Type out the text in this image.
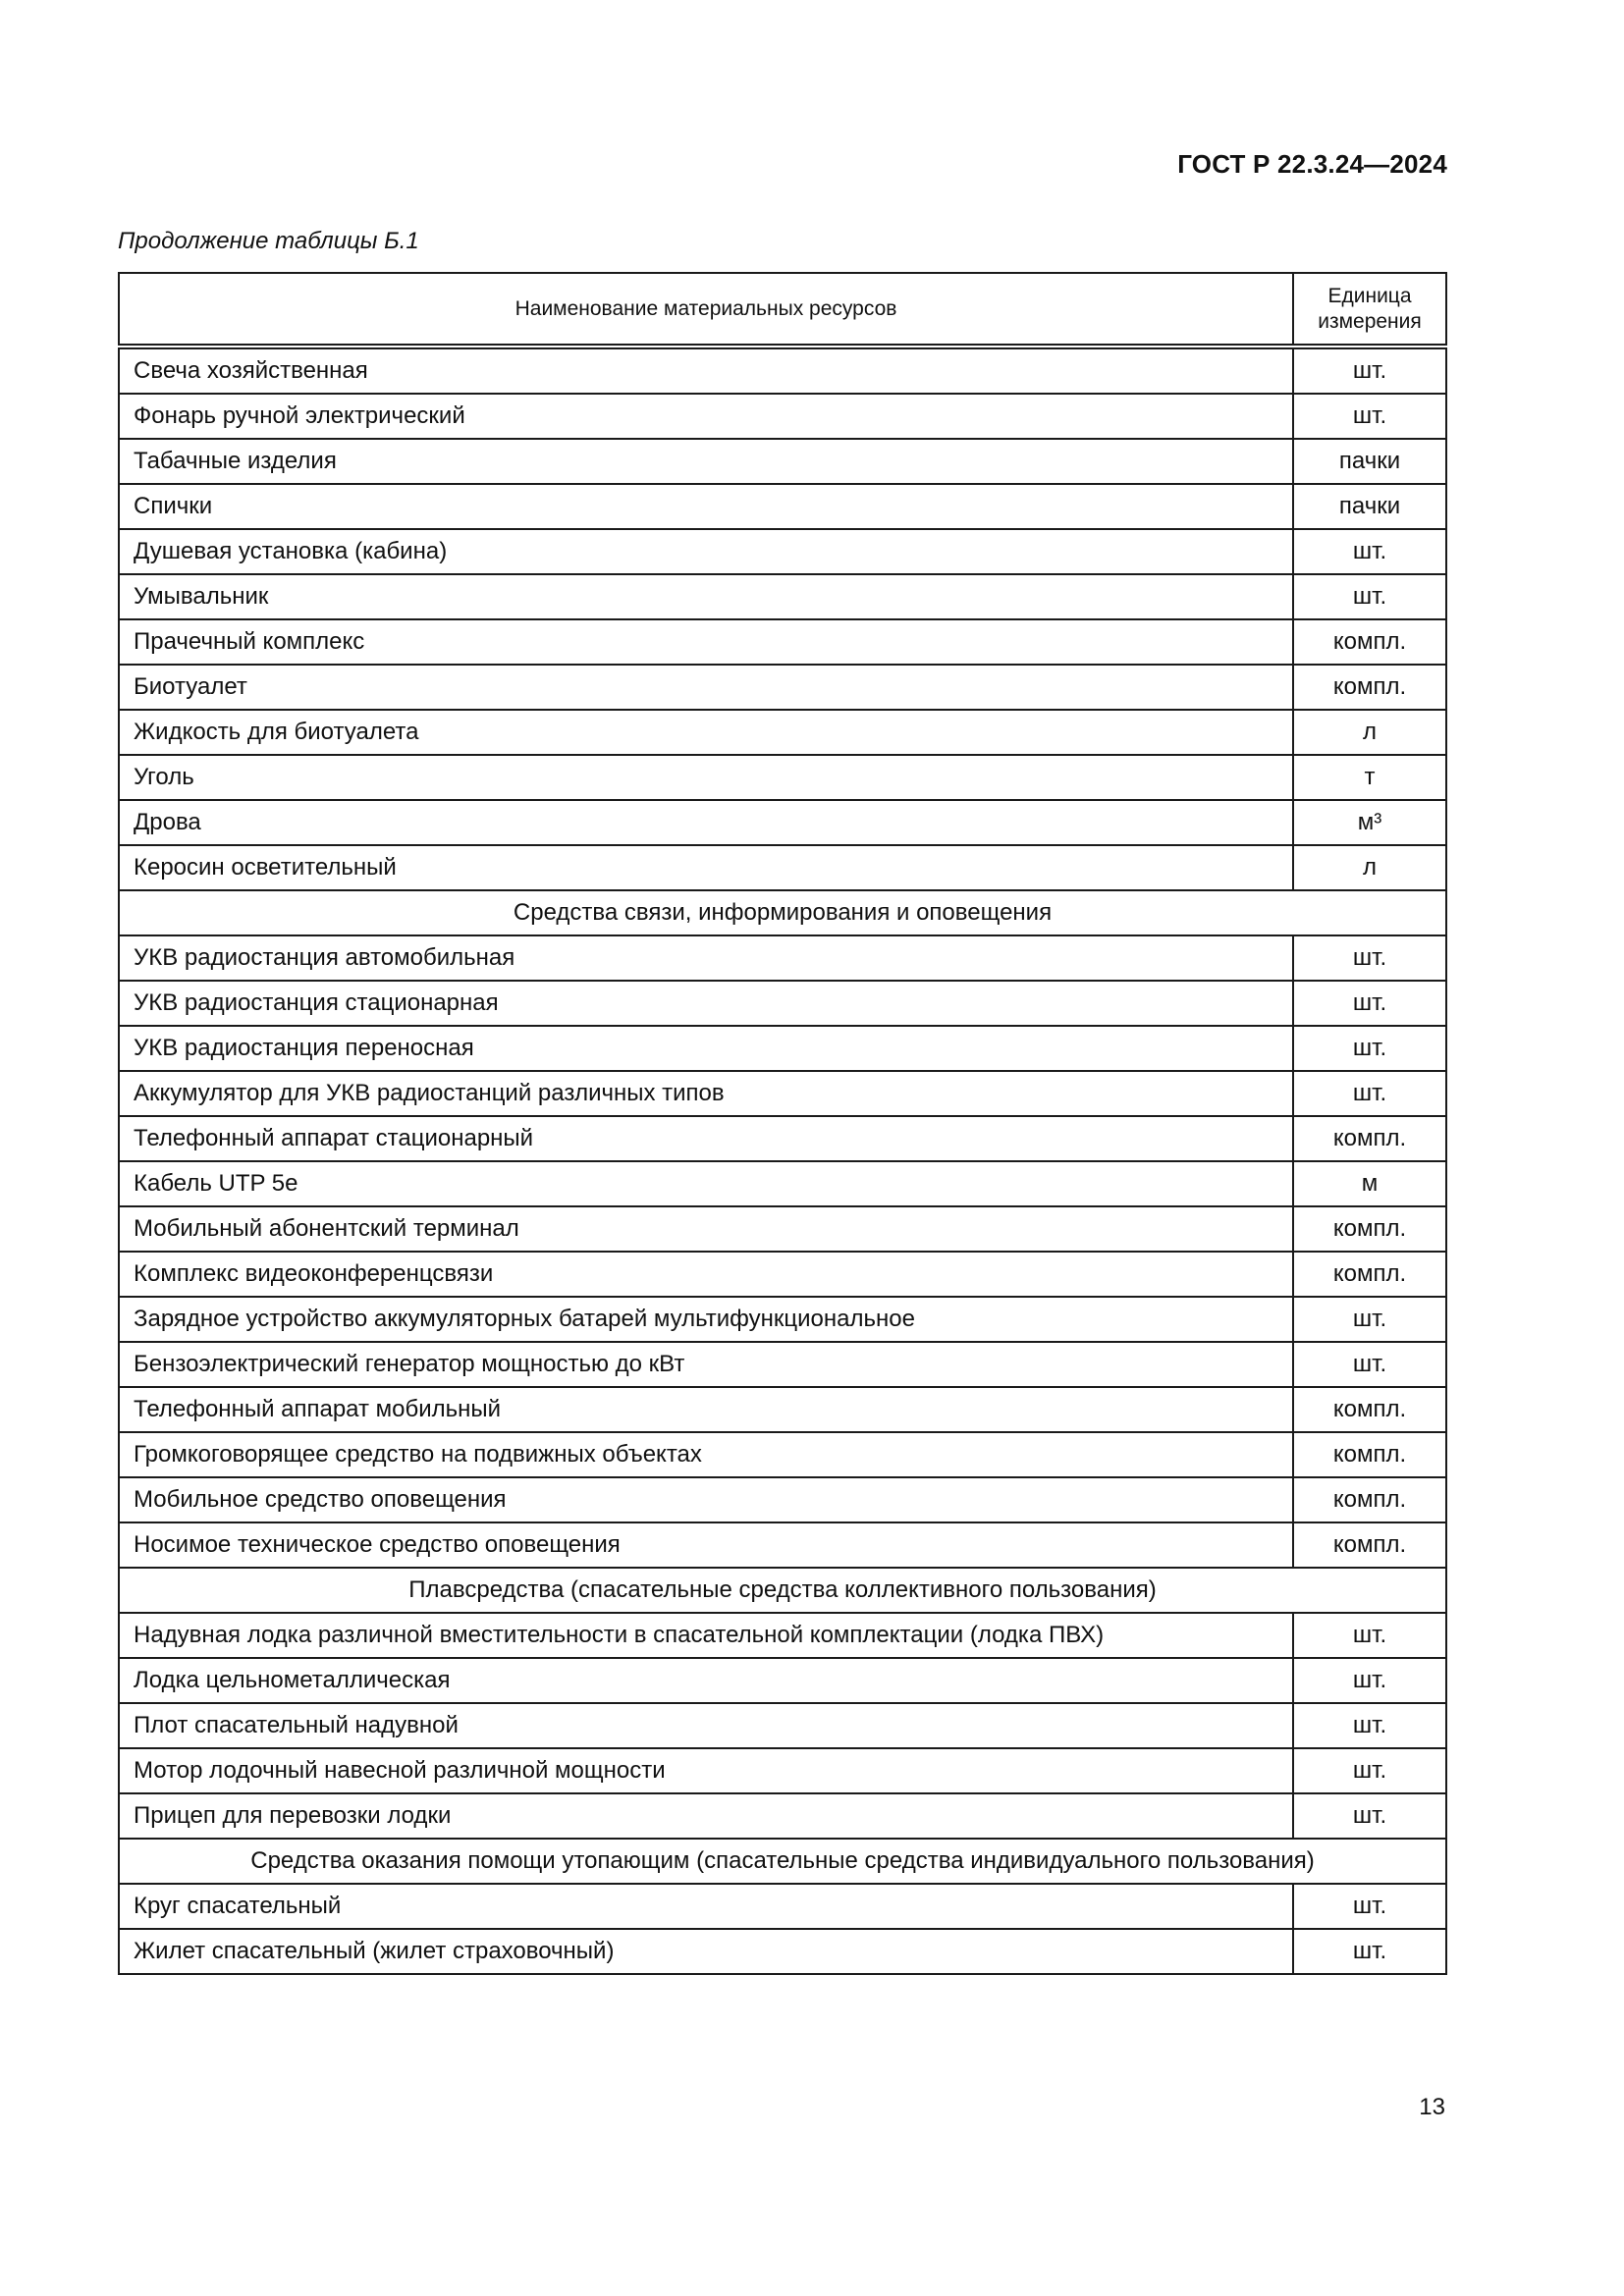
ГОСТ Р 22.3.24—2024
Продолжение таблицы Б.1
Наименование материальных ресурсов	Единица измерения
Свеча хозяйственная	шт.
Фонарь ручной электрический	шт.
Табачные изделия	пачки
Спички	пачки
Душевая установка (кабина)	шт.
Умывальник	шт.
Прачечный комплекс	компл.
Биотуалет	компл.
Жидкость для биотуалета	л
Уголь	т
Дрова	м³
Керосин осветительный	л
Средства связи, информирования и оповещения	
УКВ радиостанция автомобильная	шт.
УКВ радиостанция стационарная	шт.
УКВ радиостанция переносная	шт.
Аккумулятор для УКВ радиостанций различных типов	шт.
Телефонный аппарат стационарный	компл.
Кабель UTP 5e	м
Мобильный абонентский терминал	компл.
Комплекс видеоконференцсвязи	компл.
Зарядное устройство аккумуляторных батарей мультифункциональное	шт.
Бензоэлектрический генератор мощностью до кВт	шт.
Телефонный аппарат мобильный	компл.
Громкоговорящее средство на подвижных объектах	компл.
Мобильное средство оповещения	компл.
Носимое техническое средство оповещения	компл.
Плавсредства (спасательные средства коллективного пользования)	
Надувная лодка различной вместительности в спасательной комплектации (лодка ПВХ)	шт.
Лодка цельнометаллическая	шт.
Плот спасательный надувной	шт.
Мотор лодочный навесной различной мощности	шт.
Прицеп для перевозки лодки	шт.
Средства оказания помощи утопающим (спасательные средства индивидуального пользования)	
Круг спасательный	шт.
Жилет спасательный (жилет страховочный)	шт.
13
